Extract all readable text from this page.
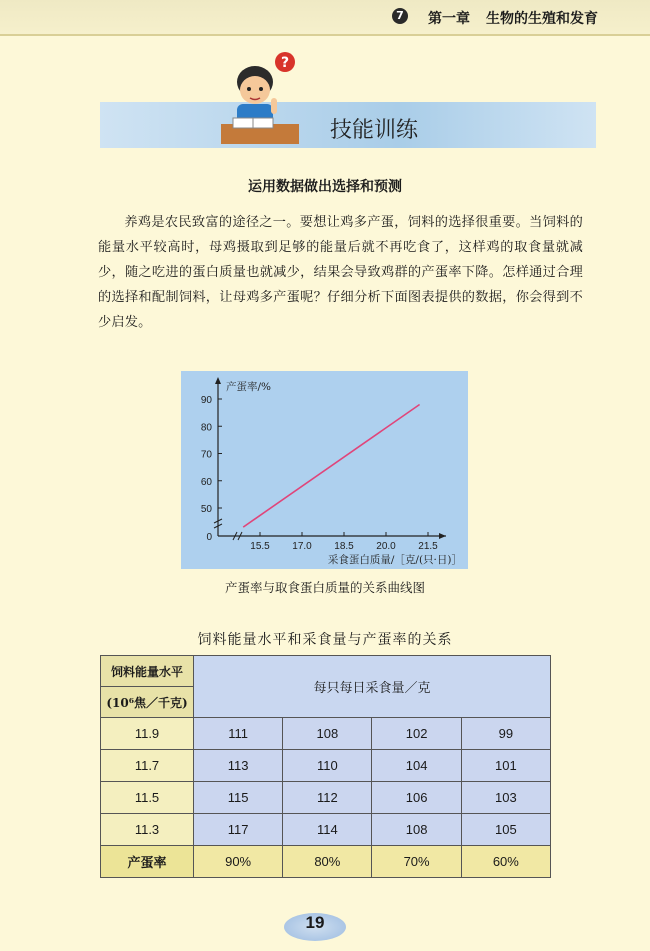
7 第一章 生物的生殖和发育
?
技能训练
运用数据做出选择和预测
养鸡是农民致富的途径之一。要想让鸡多产蛋，饲料的选择很重要。当饲料的能量水平较高时，母鸡摄取到足够的能量后就不再吃食了，这样鸡的取食量就减少，随之吃进的蛋白质量也就减少，结果会导致鸡群的产蛋率下降。怎样通过合理的选择和配制饲料，让母鸡多产蛋呢？仔细分析下面图表提供的数据，你会得到不少启发。
0
50
60
70
80
90
15.5 17.0 18.5 20.0 21.5
产蛋率/%
采食蛋白质量/［克/(只·日)］
产蛋率与取食蛋白质量的关系曲线图
饲料能量水平和采食量与产蛋率的关系
饲料能量水平	每只每日采食量／克			
(10⁶焦／千克)				
11.9	111	108	102	99
11.7	113	110	104	101
11.5	115	112	106	103
11.3	117	114	108	105
产蛋率	90%	80%	70%	60%
19
